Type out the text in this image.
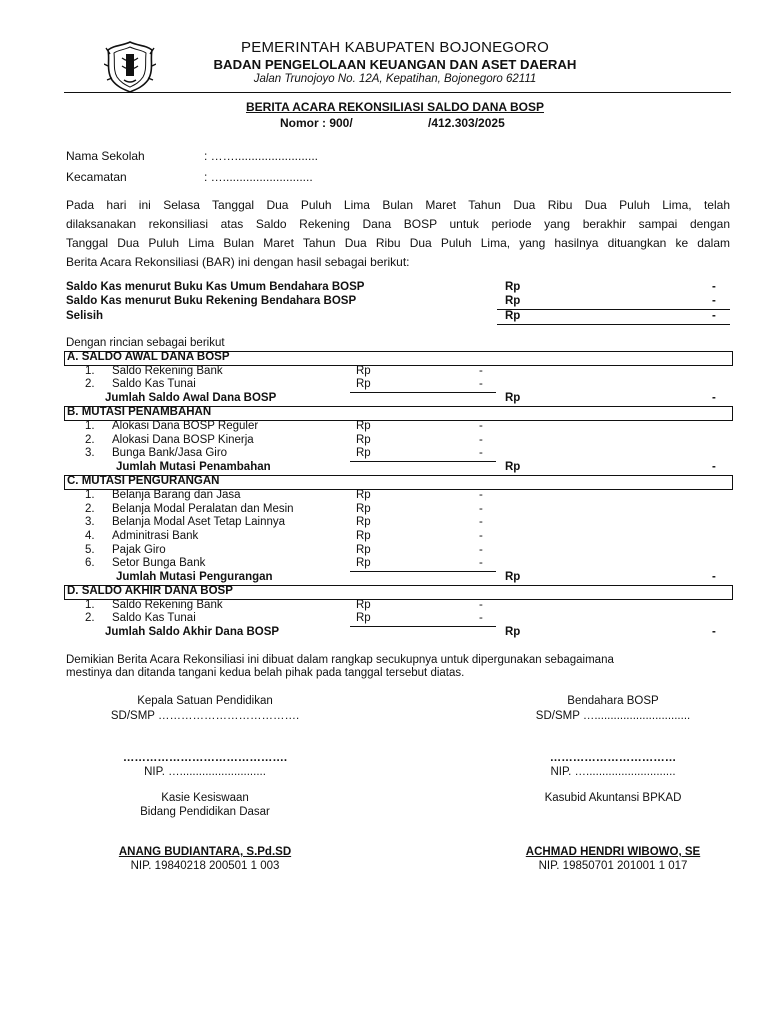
PEMERINTAH KABUPATEN BOJONEGORO
BADAN PENGELOLAAN KEUANGAN DAN ASET DAERAH
Jalan Trunojoyo No. 12A, Kepatihan, Bojonegoro 62111
BERITA ACARA REKONSILIASI SALDO DANA BOSP
Nomor : 900/	/412.303/2025
Nama Sekolah	: …….........................
Kecamatan	: …...........................
Pada hari ini Selasa Tanggal Dua Puluh Lima Bulan Maret Tahun Dua Ribu Dua Puluh Lima, telah
dilaksanakan rekonsiliasi atas Saldo Rekening Dana BOSP untuk periode yang berakhir sampai dengan
Tanggal Dua Puluh Lima Bulan Maret Tahun Dua Ribu Dua Puluh Lima, yang hasilnya dituangkan ke dalam
Berita Acara Rekonsiliasi (BAR) ini dengan hasil sebagai berikut:
Saldo Kas menurut Buku Kas Umum Bendahara BOSP	Rp	-
Saldo Kas menurut Buku Rekening Bendahara BOSP	Rp	-
Selisih	Rp	-
Dengan rincian sebagai berikut
A. SALDO AWAL DANA BOSP
1. Saldo Rekening Bank	Rp	-
2. Saldo Kas Tunai	Rp	-
Jumlah Saldo Awal Dana BOSP	Rp	-
B. MUTASI PENAMBAHAN
1. Alokasi Dana BOSP Reguler	Rp	-
2. Alokasi Dana BOSP Kinerja	Rp	-
3. Bunga Bank/Jasa Giro	Rp	-
Jumlah Mutasi Penambahan	Rp	-
C. MUTASI PENGURANGAN
1. Belanja Barang dan Jasa	Rp	-
2. Belanja Modal Peralatan dan Mesin	Rp	-
3. Belanja Modal Aset Tetap Lainnya	Rp	-
4. Adminitrasi Bank	Rp	-
5. Pajak Giro	Rp	-
6. Setor Bunga Bank	Rp	-
Jumlah Mutasi Pengurangan	Rp	-
D. SALDO AKHIR DANA BOSP
1. Saldo Rekening Bank	Rp	-
2. Saldo Kas Tunai	Rp	-
Jumlah Saldo Akhir Dana BOSP	Rp	-
Demikian Berita Acara Rekonsiliasi ini dibuat dalam rangkap secukupnya untuk dipergunakan sebagaimana
mestinya dan ditanda tangani kedua belah pihak pada tanggal tersebut diatas.
Kepala Satuan Pendidikan
SD/SMP ……………………………….
…………………………………….
NIP. …...........................
Bendahara BOSP
SD/SMP …..............................
……………………………
NIP. …............................
Kasie Kesiswaan
Bidang Pendidikan Dasar
ANANG BUDIANTARA, S.Pd.SD
NIP. 19840218 200501 1 003
Kasubid Akuntansi BPKAD
ACHMAD HENDRI WIBOWO, SE
NIP. 19850701 201001 1 017
